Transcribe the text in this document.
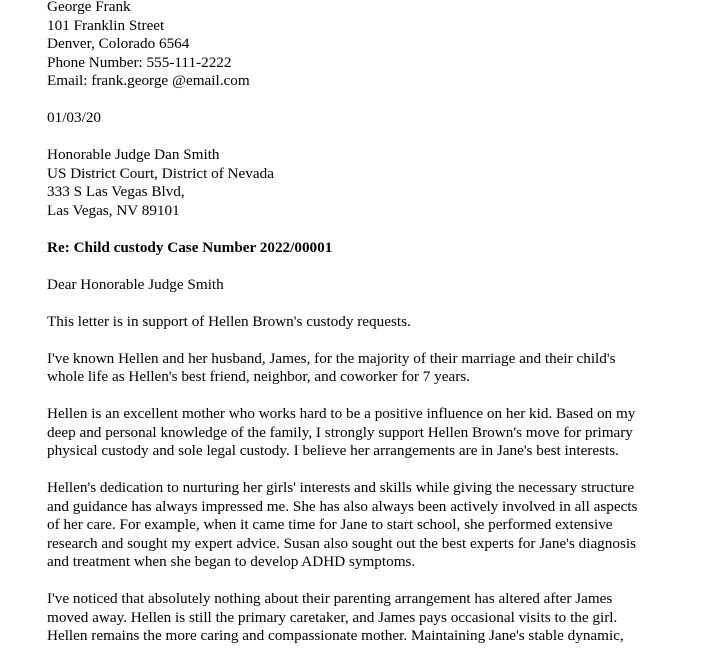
George Frank
101 Franklin Street
Denver, Colorado 6564
Phone Number: 555-111-2222
Email: frank.george @email.com
01/03/20
Honorable Judge Dan Smith
US District Court, District of Nevada
333 S Las Vegas Blvd,
Las Vegas, NV 89101
Re: Child custody Case Number 2022/00001
Dear Honorable Judge Smith
This letter is in support of Hellen Brown's custody requests.
I've known Hellen and her husband, James, for the majority of their marriage and their child's
whole life as Hellen's best friend, neighbor, and coworker for 7 years.
Hellen is an excellent mother who works hard to be a positive influence on her kid. Based on my
deep and personal knowledge of the family, I strongly support Hellen Brown's move for primary
physical custody and sole legal custody. I believe her arrangements are in Jane's best interests.
Hellen's dedication to nurturing her girls' interests and skills while giving the necessary structure
and guidance has always impressed me. She has also always been actively involved in all aspects
of her care. For example, when it came time for Jane to start school, she performed extensive
research and sought my expert advice. Susan also sought out the best experts for Jane's diagnosis
and treatment when she began to develop ADHD symptoms.
I've noticed that absolutely nothing about their parenting arrangement has altered after James
moved away. Hellen is still the primary caretaker, and James pays occasional visits to the girl.
Hellen remains the more caring and compassionate mother. Maintaining Jane's stable dynamic,
